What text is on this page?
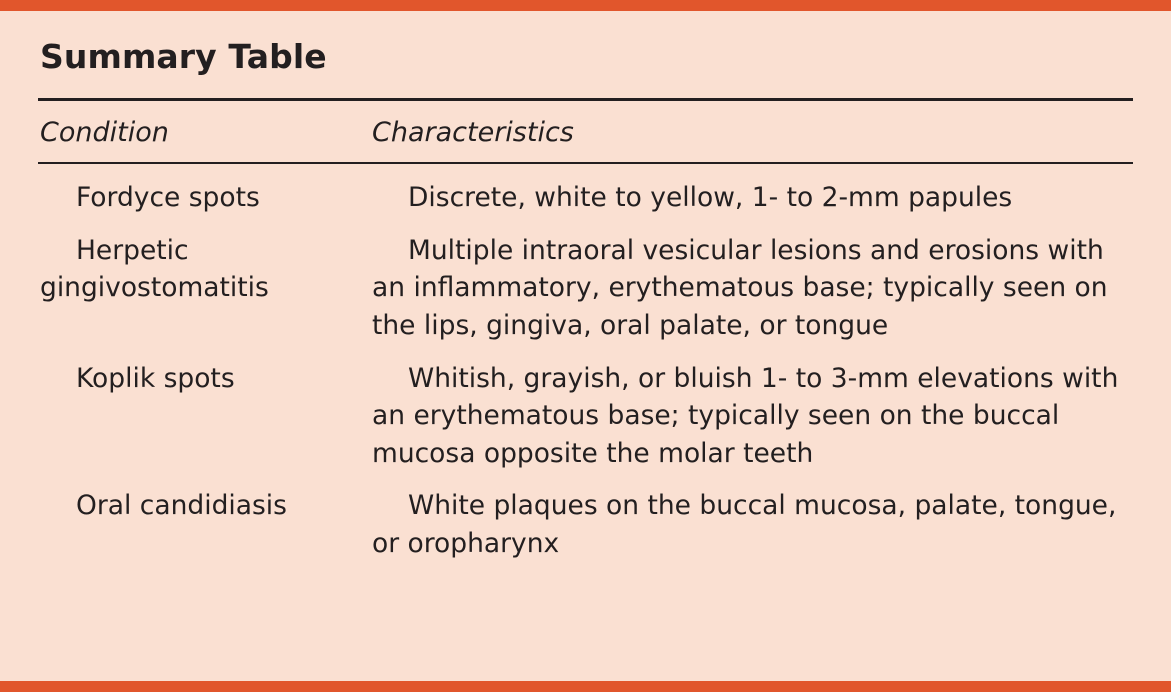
Summary Table
Condition	Characteristics
Fordyce spots	Discrete, white to yellow, 1- to 2-mm papules
Herpetic gingivostomatitis	Multiple intraoral vesicular lesions and erosions with an inflammatory, erythematous base; typically seen on the lips, gingiva, oral palate, or tongue
Koplik spots	Whitish, grayish, or bluish 1- to 3-mm elevations with an erythematous base; typically seen on the buccal mucosa opposite the molar teeth
Oral candidiasis	White plaques on the buccal mucosa, palate, tongue, or oropharynx
